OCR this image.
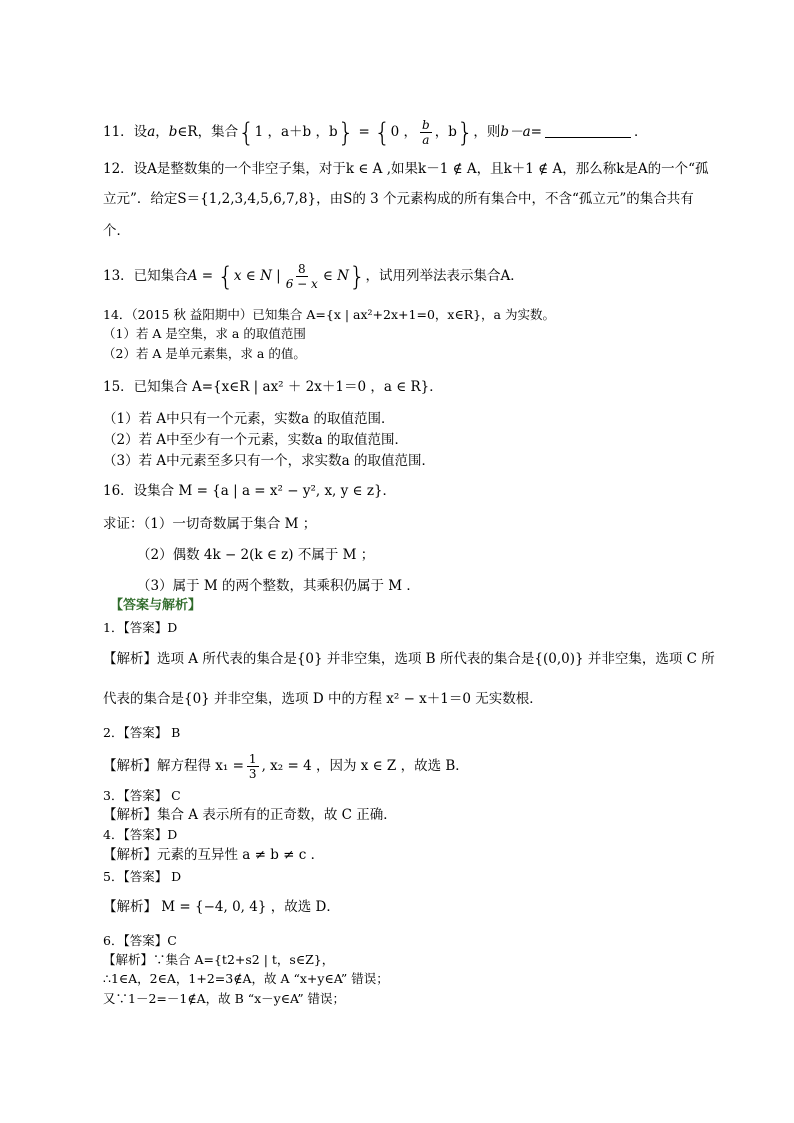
11．设a，b∈R，集合{1 ，a＋b ，b} = {0 ， $\frac{b}{a}$ ，b}，则b－a=	．
12．设A是整数集的一个非空子集，对于k ∈ A ,如果k－1 ∉ A，且k＋1 ∉ A，那么称k是A的一个“孤
立元”．给定S＝{1,2,3,4,5,6,7,8}，由S的 3 个元素构成的所有集合中，不含“孤立元”的集合共有
个．
13．已知集合A = {x ∈ N | $\frac{8}{6 - x}$ ∈ N}，试用列举法表示集合A．
14．（2015 秋 益阳期中）已知集合 A={x | ax²+2x+1=0，x∈R}，a 为实数。
（1）若 A 是空集，求 a 的取值范围
（2）若 A 是单元素集，求 a 的值。
15．已知集合 A={x∈R | ax² ＋ 2x＋1＝0 ，a ∈ R}．
（1）若 A中只有一个元素，实数a 的取值范围．
（2）若 A中至少有一个元素，实数a 的取值范围．
（3）若 A中元素至多只有一个，求实数a 的取值范围．
16．设集合 M = {a | a = x² − y², x, y ∈ z}．
求证：（1）一切奇数属于集合 M ；
（2）偶数 4k − 2(k ∈ z) 不属于 M ；
（3）属于 M 的两个整数，其乘积仍属于 M ．
【答案与解析】
1．【答案】D
【解析】选项 A 所代表的集合是{0} 并非空集，选项 B 所代表的集合是{(0,0)} 并非空集，选项 C 所
代表的集合是{0} 并非空集，选项 D 中的方程 x² − x＋1＝0 无实数根．
2．【答案】 B
【解析】解方程得 $x_1 = \frac{1}{3}$ , x₂ = 4 ，因为 x ∈ Z ，故选 B．
3．【答案】 C
【解析】集合 A 表示所有的正奇数，故 C 正确．
4．【答案】D
【解析】元素的互异性 a ≠ b ≠ c ．
5．【答案】 D
【解析】 M = {−4, 0, 4} ，故选 D．
6．【答案】C
【解析】∵集合 A={t2+s2 | t，s∈Z}，
∴1∈A，2∈A，1+2=3∉A，故 A “x+y∈A” 错误；
又∵1－2=－1∉A，故 B “x－y∈A” 错误；
